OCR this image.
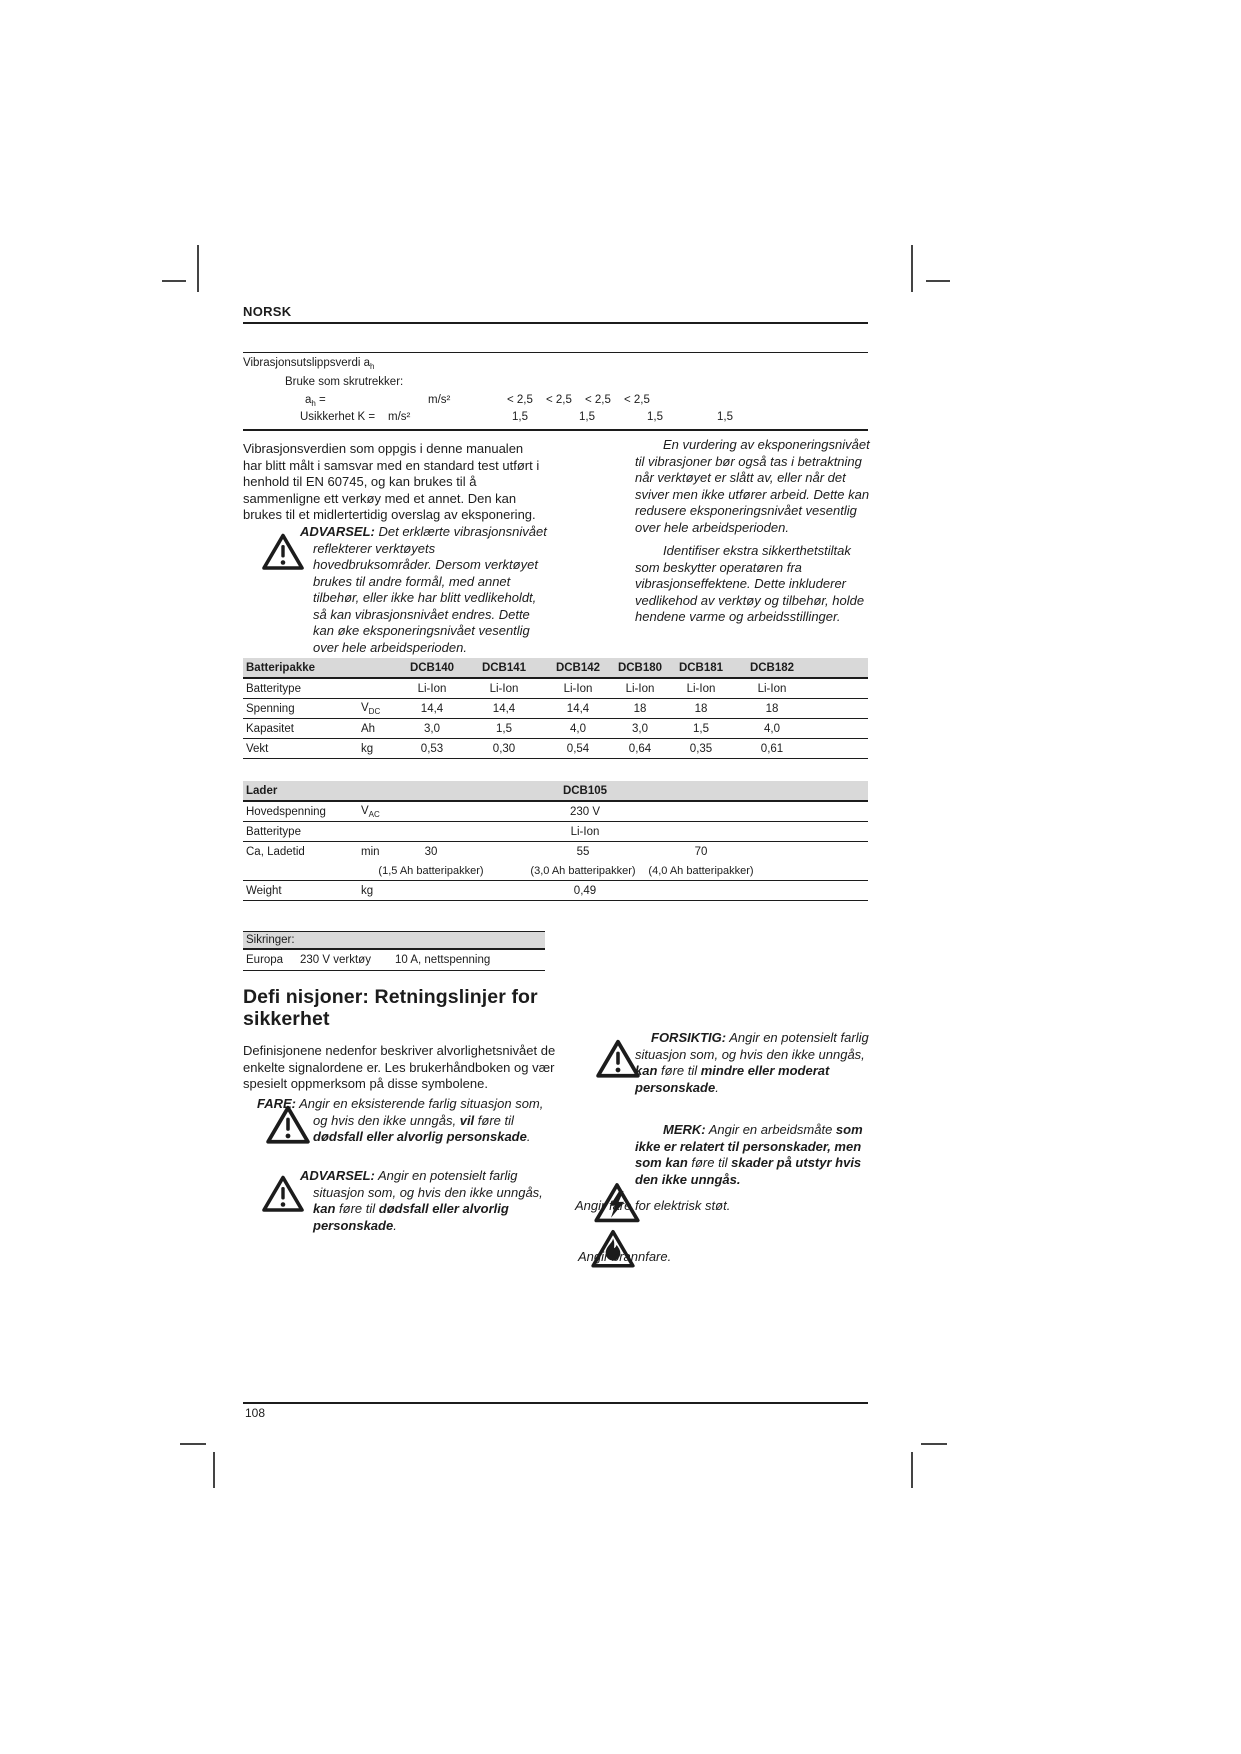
NORSK
Vibrasjonsutslippsverdi $a_h$
Bruke som skrutrekker:
$a_h$ =	m/s²	< 2,5 < 2,5 < 2,5 < 2,5
Usikkerhet K = m/s²	1,5	1,5	1,5	1,5
Vibrasjonsverdien som oppgis i denne manualen har blitt målt i samsvar med en standard test utført i henhold til EN 60745, og kan brukes til å sammenligne ett verkøy med et annet. Den kan brukes til et midlertertidig overslag av eksponering.
ADVARSEL: Det erklærte vibrasjonsnivået reflekterer verktøyets hovedbruksområder. Dersom verktøyet brukes til andre formål, med annet tilbehør, eller ikke har blitt vedlikeholdt, så kan vibrasjonsnivået endres. Dette kan øke eksponeringsnivået vesentlig over hele arbeidsperioden.
En vurdering av eksponeringsnivået til vibrasjoner bør også tas i betraktning når verktøyet er slått av, eller når det sviver men ikke utfører arbeid. Dette kan redusere eksponeringsnivået vesentlig over hele arbeidsperioden.
Identifiser ekstra sikkerthetstiltak som beskytter operatøren fra vibrasjonseffektene. Dette inkluderer vedlikehod av verktøy og tilbehør, holde hendene varme og arbeidsstillinger.
Batteripakke	DCB140 DCB141	DCB142 DCB180 DCB181 DCB182
Batteritype	Li-Ion	Li-Ion	Li-Ion	Li-Ion	Li-Ion	Li-Ion
Spenning	$V_{DC}$	14,4	14,4	14,4	18	18	18
Kapasitet	Ah	3,0	1,5	4,0	3,0	1,5	4,0
Vekt	kg	0,53	0,30	0,54	0,64	0,35	0,61
Lader	DCB105
Hovedspenning	$V_{AC}$	230 V
Batteritype	Li-Ion
Ca, Ladetid	min	30	55	70
(1,5 Ah batteripakker)	(3,0 Ah batteripakker) (4,0 Ah batteripakker)
Weight	kg	0,49
Sikringer:
Europa 230 V verktøy 10 A, nettspenning
Defi nisjoner: Retningslinjer for
sikkerhet
Definisjonene nedenfor beskriver alvorlighetsnivået de enkelte signalordene er. Les brukerhåndboken og vær spesielt oppmerksom på disse symbolene.
FARE: Angir en eksisterende farlig situasjon som, og hvis den ikke unngås, vil føre til dødsfall eller alvorlig personskade.
ADVARSEL: Angir en potensielt farlig situasjon som, og hvis den ikke unngås, kan føre til dødsfall eller alvorlig personskade.
FORSIKTIG: Angir en potensielt farlig situasjon som, og hvis den ikke unngås, kan føre til mindre eller moderat personskade.
MERK: Angir en arbeidsmåte som ikke er relatert til personskader, men som kan føre til skader på utstyr hvis den ikke unngås.
Angir fare for elektrisk støt.
Angir brannfare.
108
